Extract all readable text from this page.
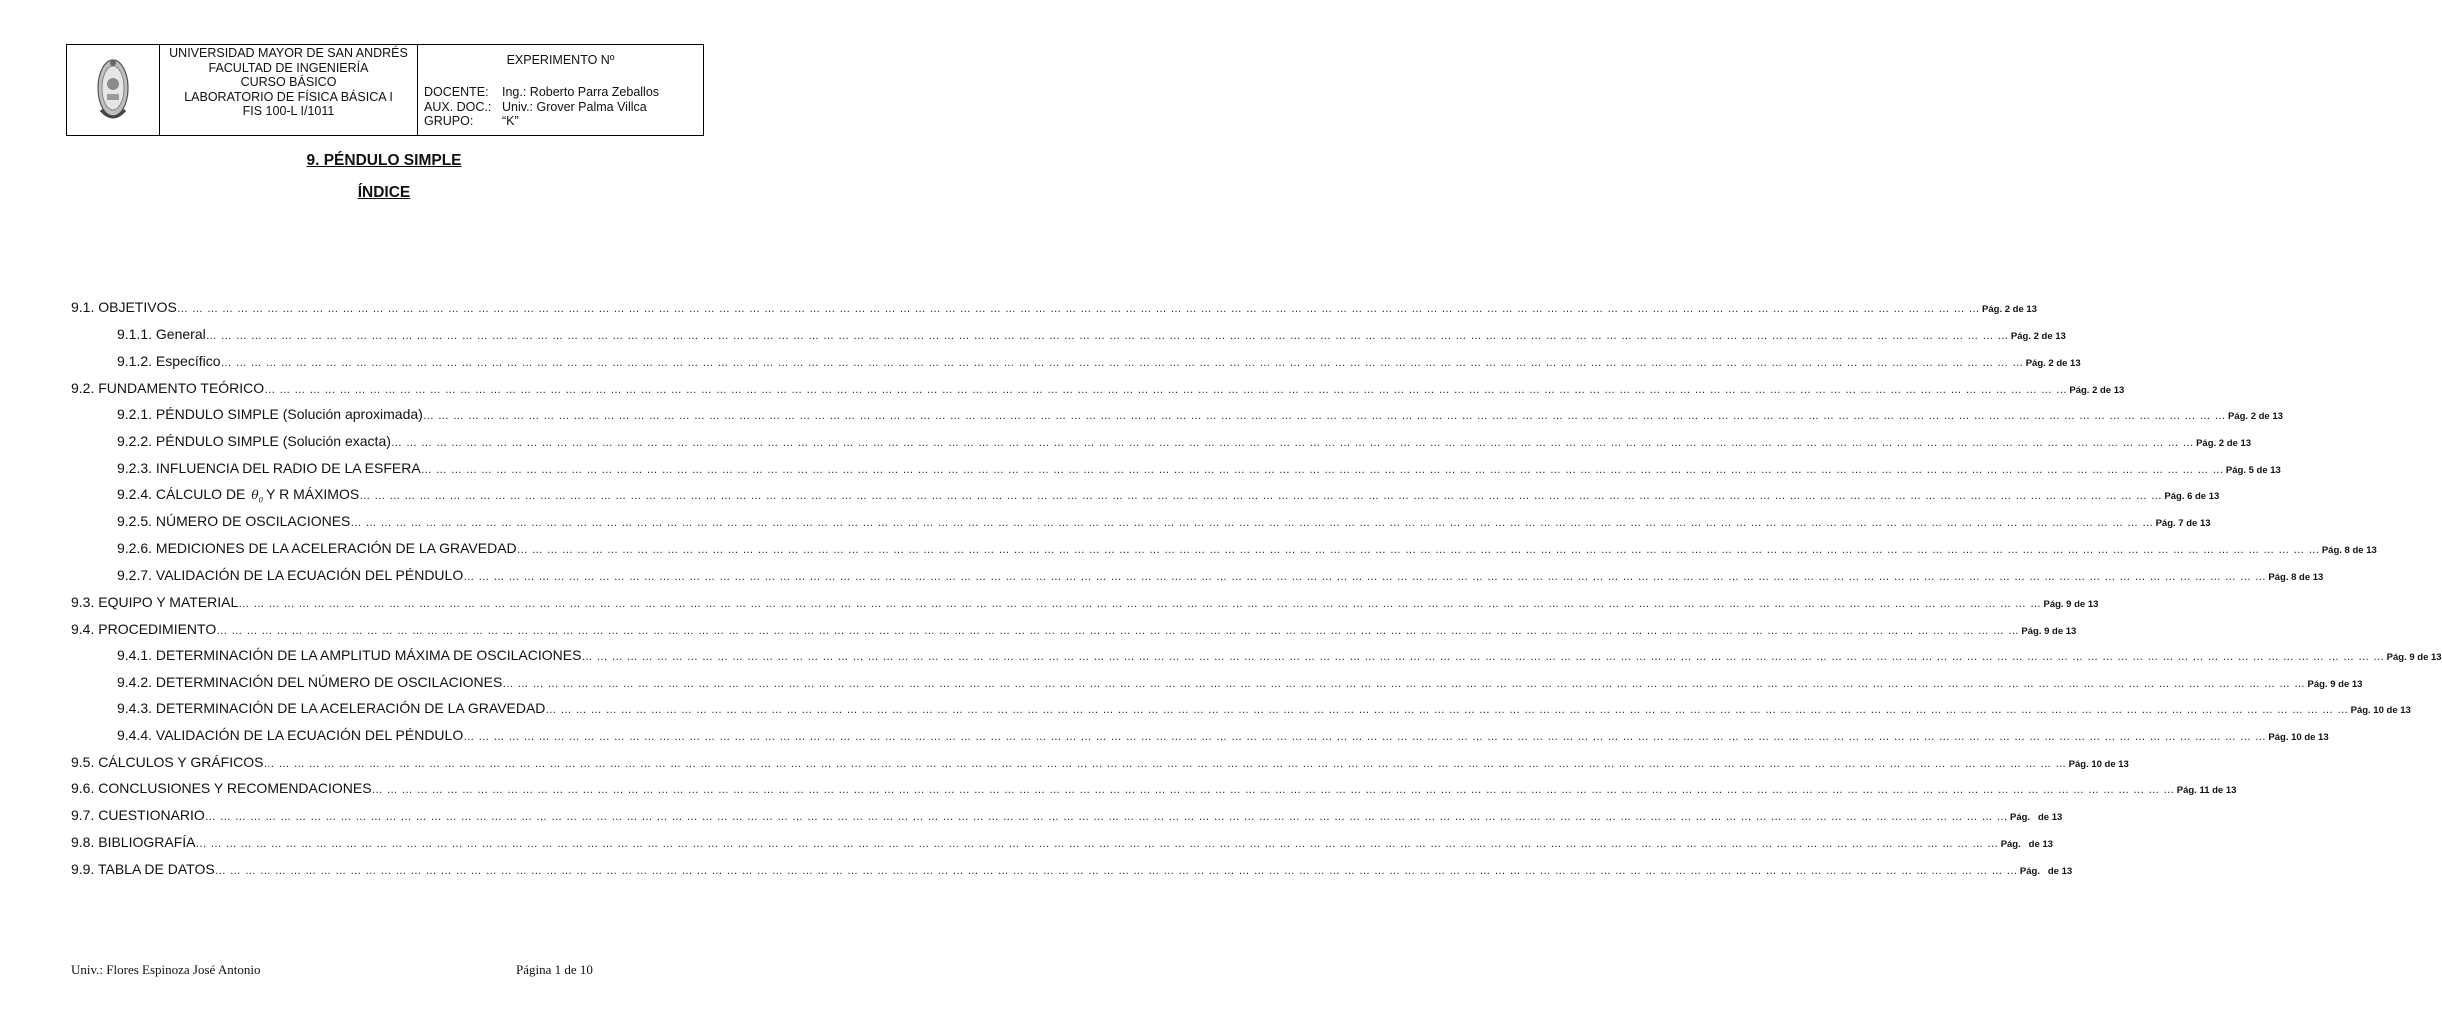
UNIVERSIDAD MAYOR DE SAN ANDRÉS
FACULTAD DE INGENIERÍA
CURSO BÁSICO
LABORATORIO DE FÍSICA BÁSICA I
FIS 100-L I/1011
EXPERIMENTO Nº
DOCENTE:	Ing.: Roberto Parra Zeballos
AUX. DOC.: Univ.: Grover Palma Villca
GRUPO:	“K”
9. PÉNDULO SIMPLE
ÍNDICE
9.1. OBJETIVOS … … … … … … … … … … … … … … … … … … … … … … … … … … … … … … … … … … … … … … … … … … … … … … … … … … … … … … … … … … … … … … … … … … … … … … … … … … … … … … … … … … … … … … … … … … … … … … … … … … … … … … … … … … … … … … … … … … … … … … … … Pág. 2 de 13
9.1.1. General … … … … … … … … … … … … … … … … … … … … … … … … … … … … … … … … … … … … … … … … … … … … … … … … … … … … … … … … … … … … … … … … … … … … … … … … … … … … … … … … … … … … … … … … … … … … … … … … … … … … … … … … … … … … … … … … … … … … … … … … Pág. 2 de 13
9.1.2. Específico … … … … … … … … … … … … … … … … … … … … … … … … … … … … … … … … … … … … … … … … … … … … … … … … … … … … … … … … … … … … … … … … … … … … … … … … … … … … … … … … … … … … … … … … … … … … … … … … … … … … … … … … … … … … … … … … … … … … … … … … Pág. 2 de 13
9.2. FUNDAMENTO TEÓRICO … … … … … … … … … … … … … … … … … … … … … … … … … … … … … … … … … … … … … … … … … … … … … … … … … … … … … … … … … … … … … … … … … … … … … … … … … … … … … … … … … … … … … … … … … … … … … … … … … … … … … … … … … … … … … … … … … … … … … … … … Pág. 2 de 13
9.2.1. PÉNDULO SIMPLE (Solución aproximada) … … … … … … … … … … … … … … … … … … … … … … … … … … … … … … … … … … … … … … … … … … … … … … … … … … … … … … … … … … … … … … … … … … … … … … … … … … … … … … … … … … … … … … … … … … … … … … … … … … … … … … … … … … … … … … … … … … … … … … … … Pág. 2 de 13
9.2.2. PÉNDULO SIMPLE (Solución exacta) … … … … … … … … … … … … … … … … … … … … … … … … … … … … … … … … … … … … … … … … … … … … … … … … … … … … … … … … … … … … … … … … … … … … … … … … … … … … … … … … … … … … … … … … … … … … … … … … … … … … … … … … … … … … … … … … … … … … … … … … Pág. 2 de 13
9.2.3. INFLUENCIA DEL RADIO DE LA ESFERA … … … … … … … … … … … … … … … … … … … … … … … … … … … … … … … … … … … … … … … … … … … … … … … … … … … … … … … … … … … … … … … … … … … … … … … … … … … … … … … … … … … … … … … … … … … … … … … … … … … … … … … … … … … … … … … … … … … … … … … … Pág. 5 de 13
9.2.4. CÁLCULO DE $\theta_0$ Y R MÁXIMOS … … … … … … … … … … … … … … … … … … … … … … … … … … … … … … … … … … … … … … … … … … … … … … … … … … … … … … … … … … … … … … … … … … … … … … … … … … … … … … … … … … … … … … … … … … … … … … … … … … … … … … … … … … … … … … … … … … … … … … … … Pág. 6 de 13
9.2.5. NÚMERO DE OSCILACIONES … … … … … … … … … … … … … … … … … … … … … … … … … … … … … … … … … … … … … … … … … … … … … … … … … … … … … … … … … … … … … … … … … … … … … … … … … … … … … … … … … … … … … … … … … … … … … … … … … … … … … … … … … … … … … … … … … … … … … … … … Pág. 7 de 13
9.2.6. MEDICIONES DE LA ACELERACIÓN DE LA GRAVEDAD … … … … … … … … … … … … … … … … … … … … … … … … … … … … … … … … … … … … … … … … … … … … … … … … … … … … … … … … … … … … … … … … … … … … … … … … … … … … … … … … … … … … … … … … … … … … … … … … … … … … … … … … … … … … … … … … … … … … … … … … Pág. 8 de 13
9.2.7. VALIDACIÓN DE LA ECUACIÓN DEL PÉNDULO … … … … … … … … … … … … … … … … … … … … … … … … … … … … … … … … … … … … … … … … … … … … … … … … … … … … … … … … … … … … … … … … … … … … … … … … … … … … … … … … … … … … … … … … … … … … … … … … … … … … … … … … … … … … … … … … … … … … … … … … Pág. 8 de 13
9.3. EQUIPO Y MATERIAL … … … … … … … … … … … … … … … … … … … … … … … … … … … … … … … … … … … … … … … … … … … … … … … … … … … … … … … … … … … … … … … … … … … … … … … … … … … … … … … … … … … … … … … … … … … … … … … … … … … … … … … … … … … … … … … … … … … … … … … … Pág. 9 de 13
9.4. PROCEDIMIENTO … … … … … … … … … … … … … … … … … … … … … … … … … … … … … … … … … … … … … … … … … … … … … … … … … … … … … … … … … … … … … … … … … … … … … … … … … … … … … … … … … … … … … … … … … … … … … … … … … … … … … … … … … … … … … … … … … … … … … … … … Pág. 9 de 13
9.4.1. DETERMINACIÓN DE LA AMPLITUD MÁXIMA DE OSCILACIONES … … … … … … … … … … … … … … … … … … … … … … … … … … … … … … … … … … … … … … … … … … … … … … … … … … … … … … … … … … … … … … … … … … … … … … … … … … … … … … … … … … … … … … … … … … … … … … … … … … … … … … … … … … … … … … … … … … … … … … … … Pág. 9 de 13
9.4.2. DETERMINACIÓN DEL NÚMERO DE OSCILACIONES … … … … … … … … … … … … … … … … … … … … … … … … … … … … … … … … … … … … … … … … … … … … … … … … … … … … … … … … … … … … … … … … … … … … … … … … … … … … … … … … … … … … … … … … … … … … … … … … … … … … … … … … … … … … … … … … … … … … … … … … Pág. 9 de 13
9.4.3. DETERMINACIÓN DE LA ACELERACIÓN DE LA GRAVEDAD … … … … … … … … … … … … … … … … … … … … … … … … … … … … … … … … … … … … … … … … … … … … … … … … … … … … … … … … … … … … … … … … … … … … … … … … … … … … … … … … … … … … … … … … … … … … … … … … … … … … … … … … … … … … … … … … … … … … … … … … Pág. 10 de 13
9.4.4. VALIDACIÓN DE LA ECUACIÓN DEL PÉNDULO … … … … … … … … … … … … … … … … … … … … … … … … … … … … … … … … … … … … … … … … … … … … … … … … … … … … … … … … … … … … … … … … … … … … … … … … … … … … … … … … … … … … … … … … … … … … … … … … … … … … … … … … … … … … … … … … … … … … … … … … Pág. 10 de 13
9.5. CÁLCULOS Y GRÁFICOS … … … … … … … … … … … … … … … … … … … … … … … … … … … … … … … … … … … … … … … … … … … … … … … … … … … … … … … … … … … … … … … … … … … … … … … … … … … … … … … … … … … … … … … … … … … … … … … … … … … … … … … … … … … … … … … … … … … … … … … … Pág. 10 de 13
9.6. CONCLUSIONES Y RECOMENDACIONES … … … … … … … … … … … … … … … … … … … … … … … … … … … … … … … … … … … … … … … … … … … … … … … … … … … … … … … … … … … … … … … … … … … … … … … … … … … … … … … … … … … … … … … … … … … … … … … … … … … … … … … … … … … … … … … … … … … … … … … … Pág. 11 de 13
9.7. CUESTIONARIO … … … … … … … … … … … … … … … … … … … … … … … … … … … … … … … … … … … … … … … … … … … … … … … … … … … … … … … … … … … … … … … … … … … … … … … … … … … … … … … … … … … … … … … … … … … … … … … … … … … … … … … … … … … … … … … … … … … … … … … … Pág.   de 13
9.8. BIBLIOGRAFÍA … … … … … … … … … … … … … … … … … … … … … … … … … … … … … … … … … … … … … … … … … … … … … … … … … … … … … … … … … … … … … … … … … … … … … … … … … … … … … … … … … … … … … … … … … … … … … … … … … … … … … … … … … … … … … … … … … … … … … … … … Pág.   de 13
9.9. TABLA DE DATOS … … … … … … … … … … … … … … … … … … … … … … … … … … … … … … … … … … … … … … … … … … … … … … … … … … … … … … … … … … … … … … … … … … … … … … … … … … … … … … … … … … … … … … … … … … … … … … … … … … … … … … … … … … … … … … … … … … … … … … … … Pág.   de 13
Univ.: Flores Espinoza José Antonio	Página 1 de 10
